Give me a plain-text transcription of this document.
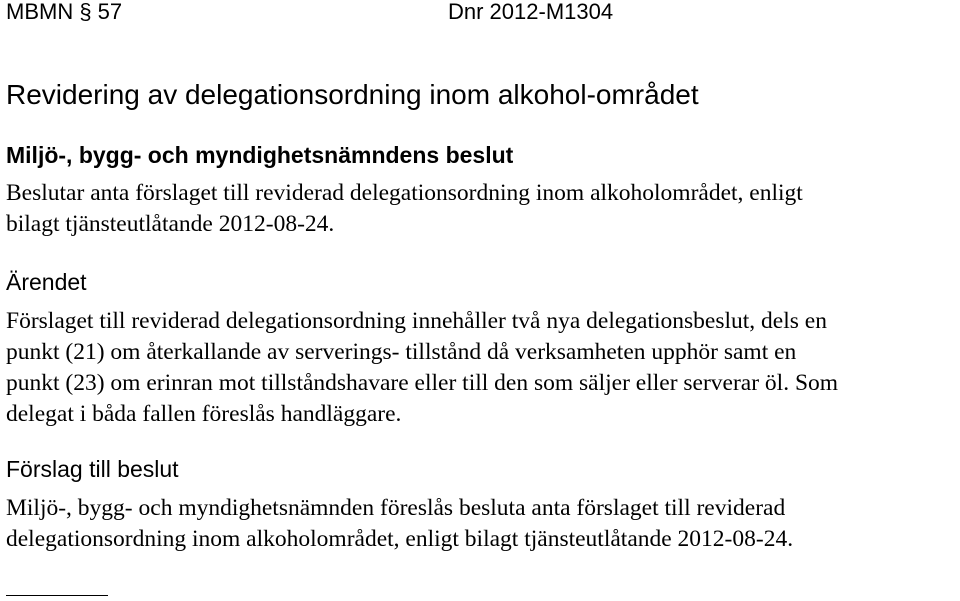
MBMN § 57	Dnr 2012-M1304
Revidering av delegationsordning inom alkohol-området
Miljö-, bygg- och myndighetsnämndens beslut

Beslutar anta förslaget till reviderad delegationsordning inom alkoholområdet, enligt
bilagt tjänsteutlåtande 2012-08-24.

Ärendet

Förslaget till reviderad delegationsordning innehåller två nya delegationsbeslut, dels en
punkt (21) om återkallande av serverings- tillstånd då verksamheten upphör samt en
punkt (23) om erinran mot tillståndshavare eller till den som säljer eller serverar öl. Som
delegat i båda fallen föreslås handläggare.

Förslag till beslut

Miljö-, bygg- och myndighetsnämnden föreslås besluta anta förslaget till reviderad
delegationsordning inom alkoholområdet, enligt bilagt tjänsteutlåtande 2012-08-24.
